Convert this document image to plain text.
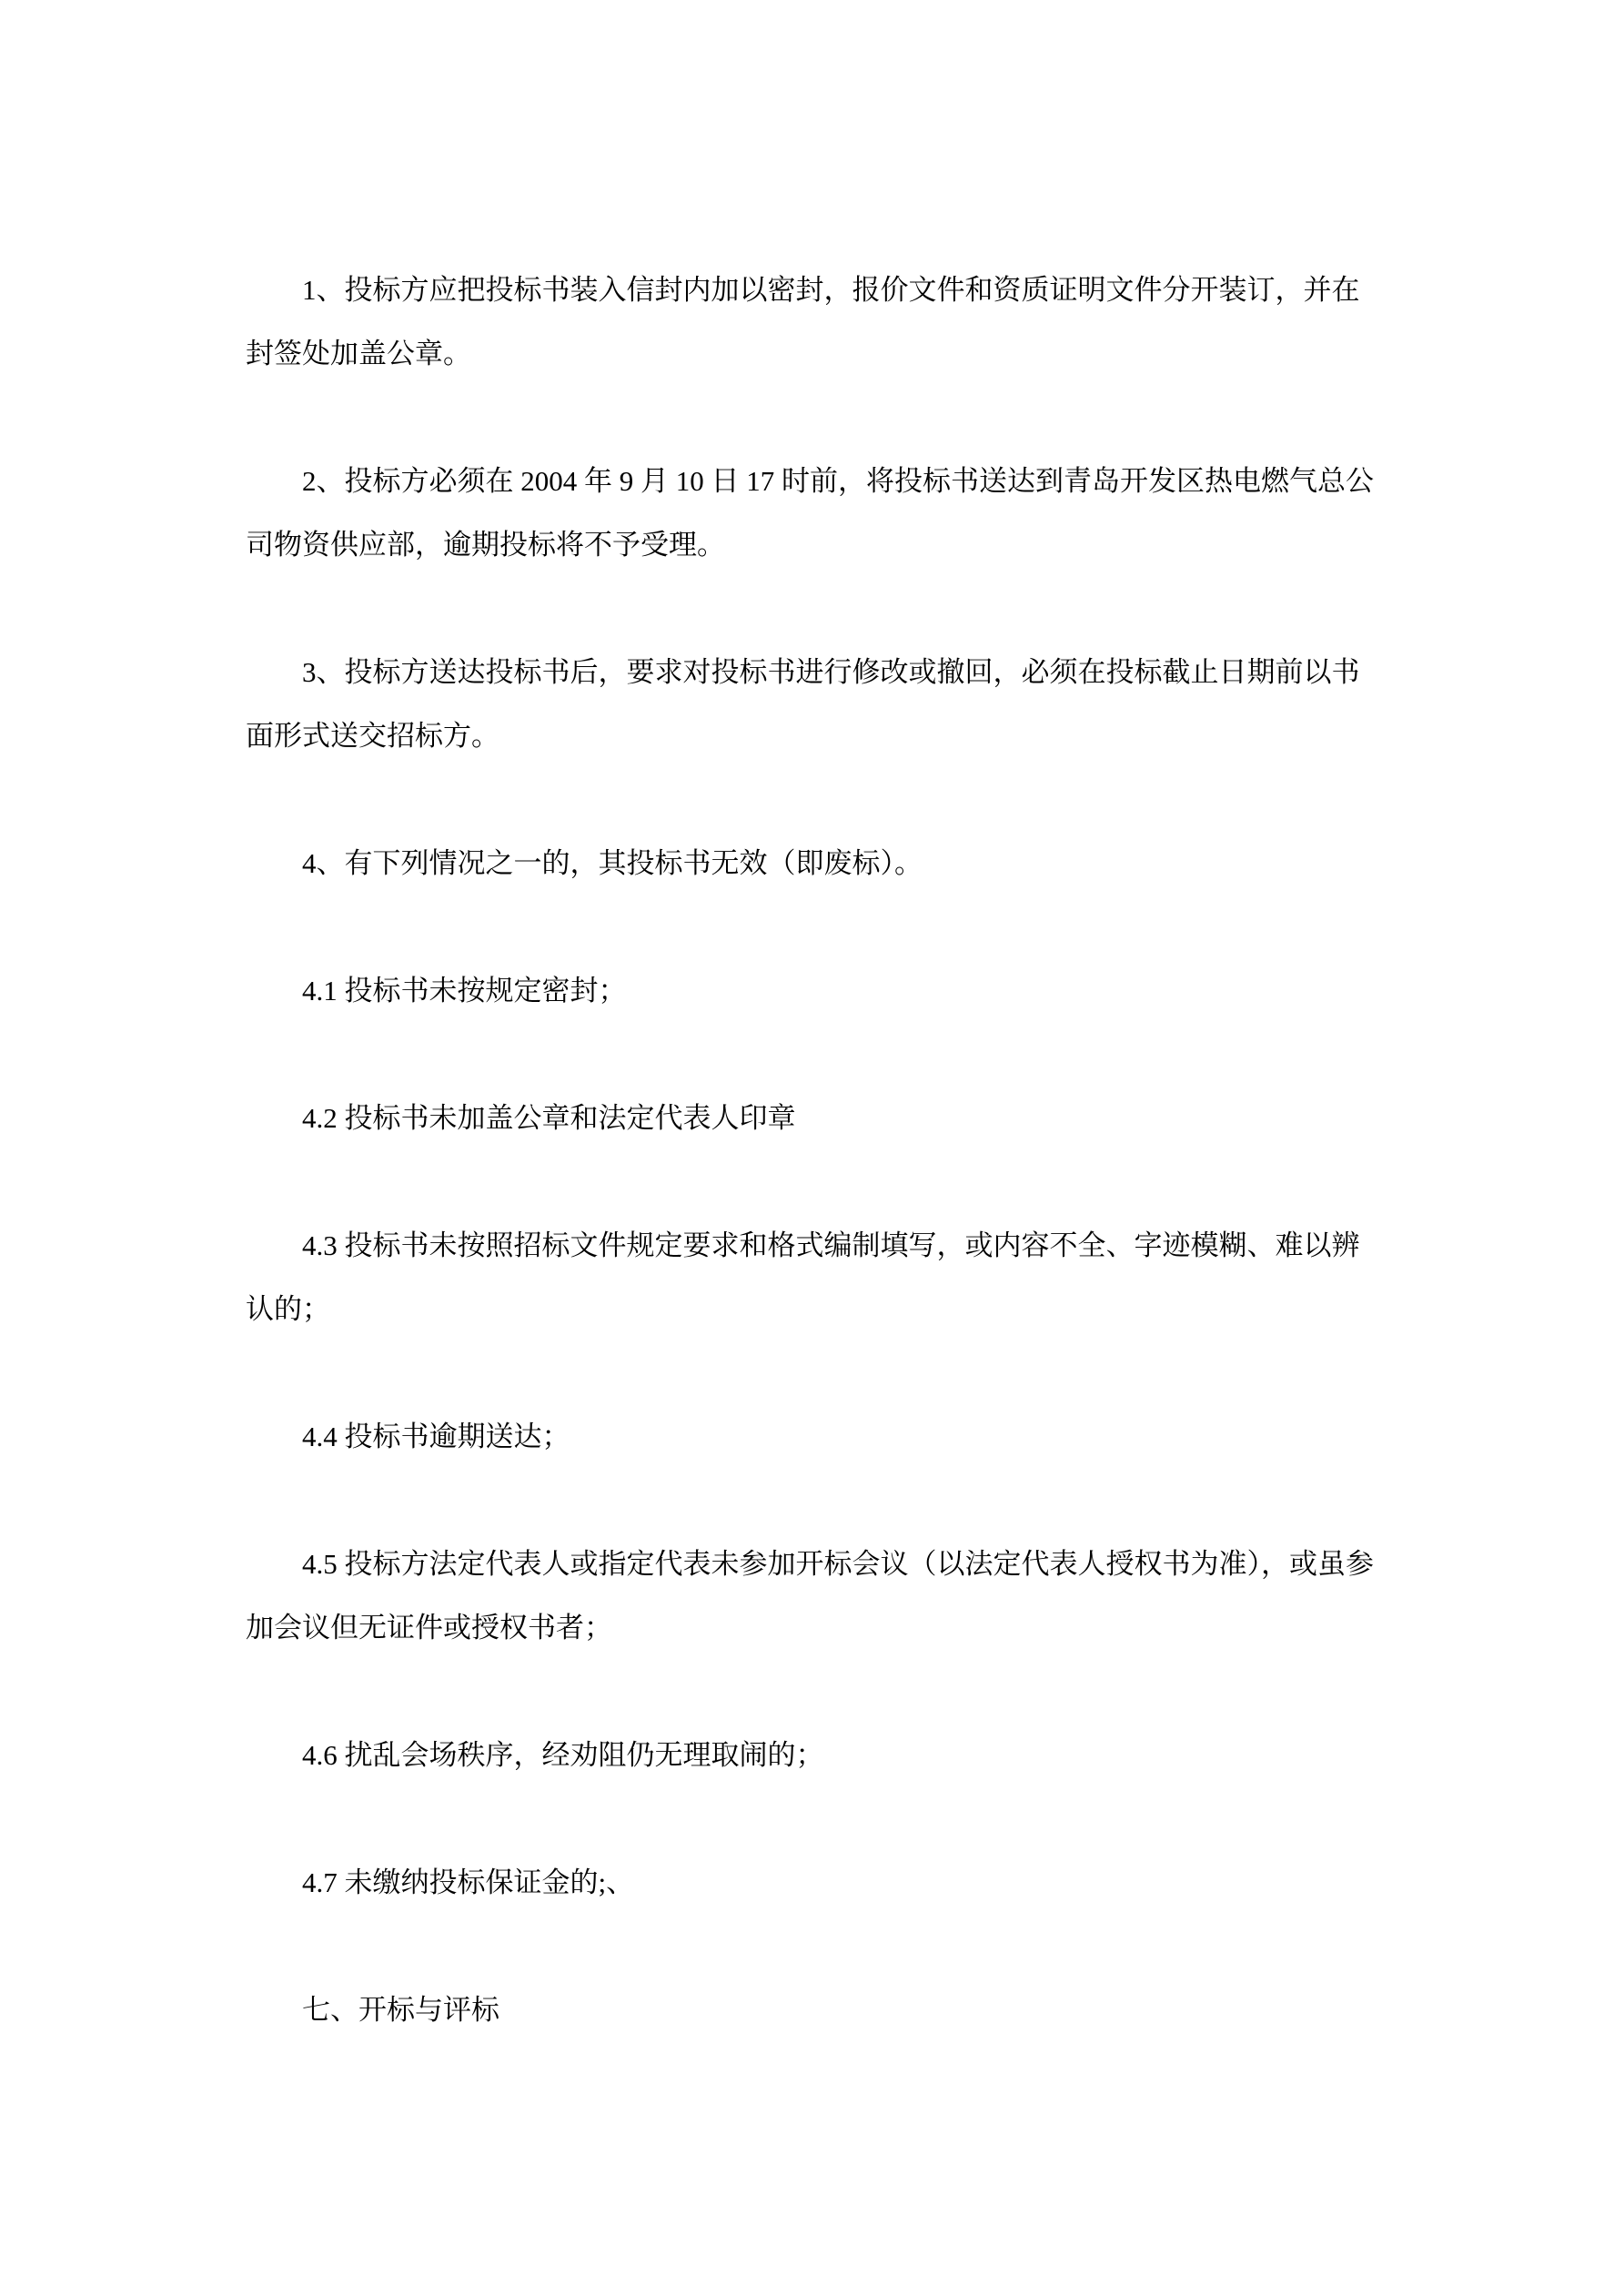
1、投标方应把投标书装入信封内加以密封，报价文件和资质证明文件分开装订，并在
封签处加盖公章。
2、投标方必须在 2004 年 9 月 10 日 17 时前，将投标书送达到青岛开发区热电燃气总公
司物资供应部，逾期投标将不予受理。
3、投标方送达投标书后，要求对投标书进行修改或撤回，必须在投标截止日期前以书
面形式送交招标方。
4、有下列情况之一的，其投标书无效（即废标）。
4.1 投标书未按规定密封；
4.2 投标书未加盖公章和法定代表人印章
4.3 投标书未按照招标文件规定要求和格式编制填写，或内容不全、字迹模糊、难以辨
认的；
4.4 投标书逾期送达；
4.5 投标方法定代表人或指定代表未参加开标会议（以法定代表人授权书为准），或虽参
加会议但无证件或授权书者；
4.6 扰乱会场秩序，经劝阻仍无理取闹的；
4.7 未缴纳投标保证金的;、
七、开标与评标
